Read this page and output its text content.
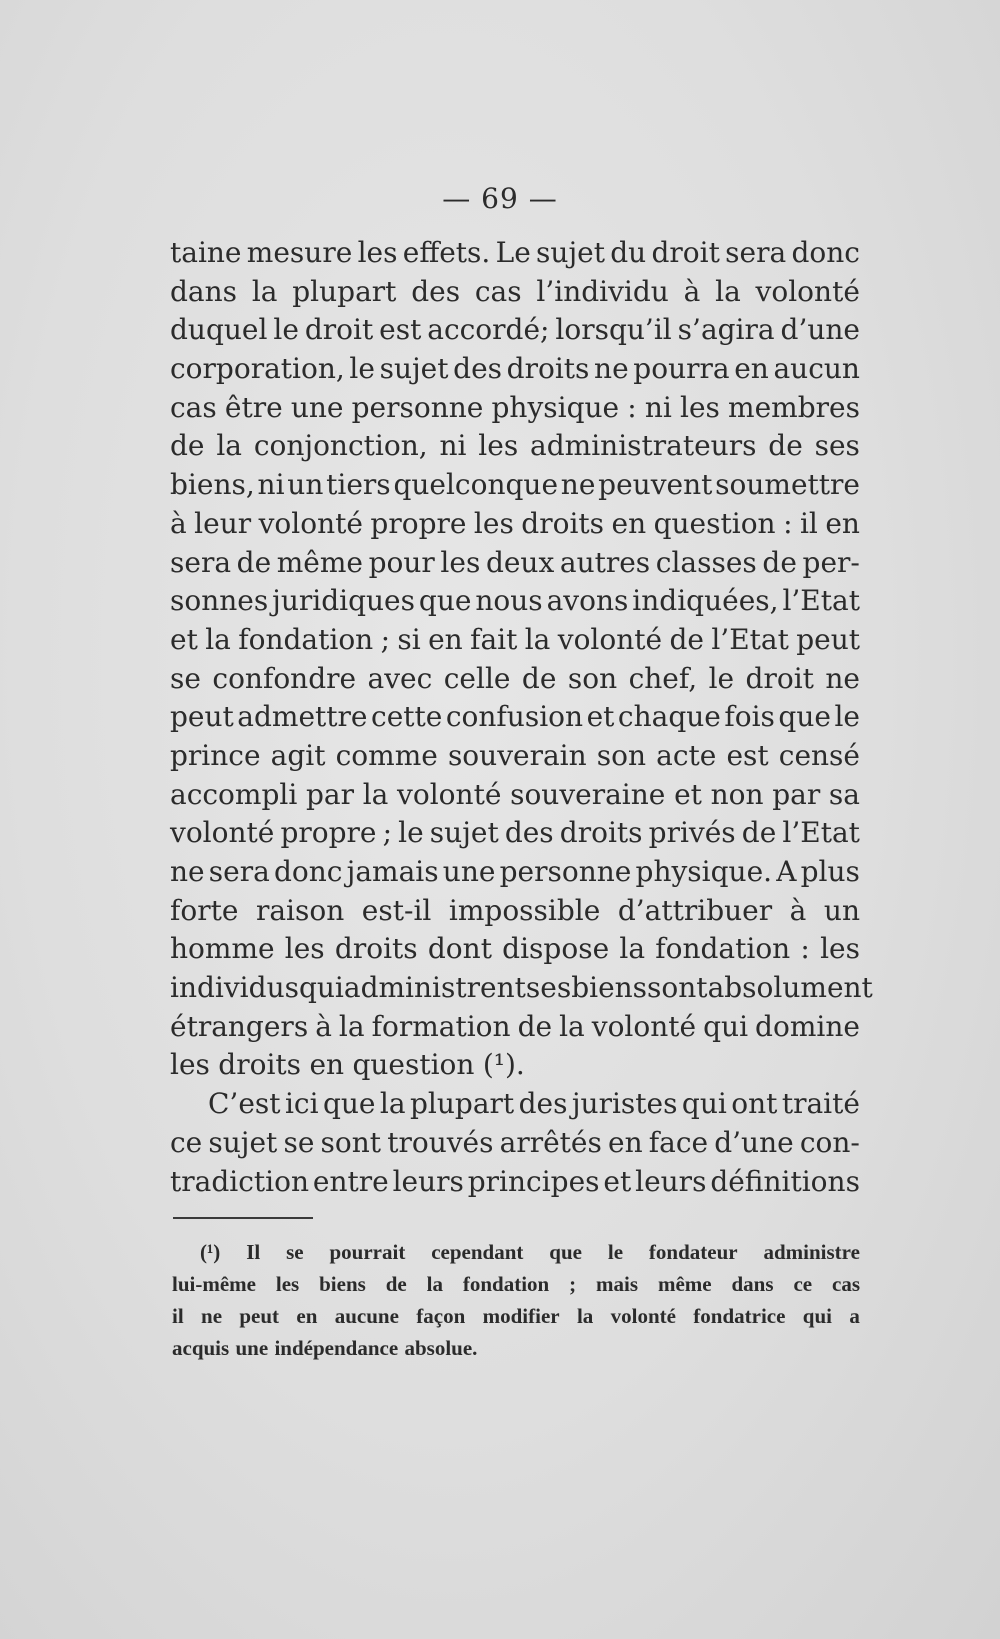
— 69 —
taine mesure les effets. Le sujet du droit sera donc
dans la plupart des cas l’individu à la volonté
duquel le droit est accordé; lorsqu’il s’agira d’une
corporation, le sujet des droits ne pourra en aucun
cas être une personne physique : ni les membres
de la conjonction, ni les administrateurs de ses
biens, ni un tiers quelconque ne peuvent soumettre
à leur volonté propre les droits en question : il en
sera de même pour les deux autres classes de per-
sonnes juridiques que nous avons indiquées, l’Etat
et la fondation ; si en fait la volonté de l’Etat peut
se confondre avec celle de son chef, le droit ne
peut admettre cette confusion et chaque fois que le
prince agit comme souverain son acte est censé
accompli par la volonté souveraine et non par sa
volonté propre ; le sujet des droits privés de l’Etat
ne sera donc jamais une personne physique. A plus
forte raison est-il impossible d’attribuer à un
homme les droits dont dispose la fondation : les
individus qui administrent ses biens sont absolument
étrangers à la formation de la volonté qui domine
les droits en question (¹).
C’est ici que la plupart des juristes qui ont traité
ce sujet se sont trouvés arrêtés en face d’une con-
tradiction entre leurs principes et leurs définitions
(¹) Il se pourrait cependant que le fondateur administre
lui-même les biens de la fondation ; mais même dans ce cas
il ne peut en aucune façon modifier la volonté fondatrice qui a
acquis une indépendance absolue.
